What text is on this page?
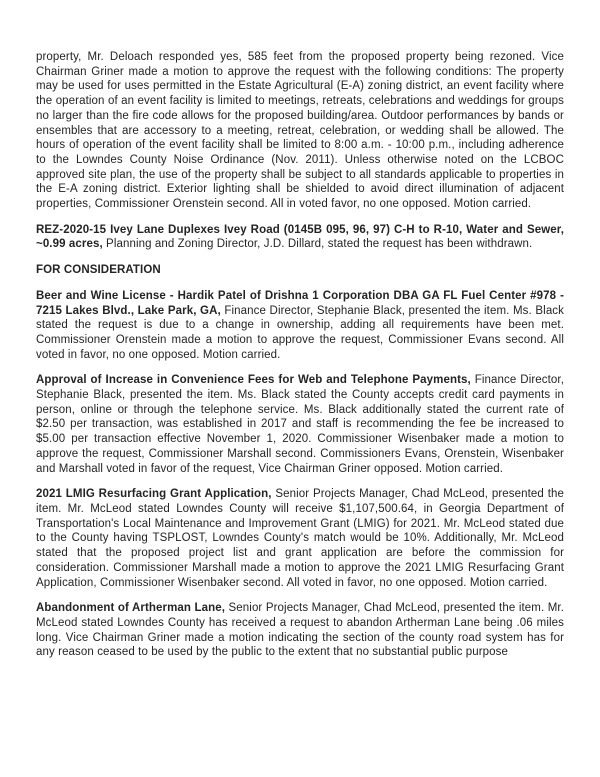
property, Mr. Deloach responded yes, 585 feet from the proposed property being rezoned. Vice Chairman Griner made a motion to approve the request with the following conditions: The property may be used for uses permitted in the Estate Agricultural (E-A) zoning district, an event facility where the operation of an event facility is limited to meetings, retreats, celebrations and weddings for groups no larger than the fire code allows for the proposed building/area. Outdoor performances by bands or ensembles that are accessory to a meeting, retreat, celebration, or wedding shall be allowed. The hours of operation of the event facility shall be limited to 8:00 a.m. - 10:00 p.m., including adherence to the Lowndes County Noise Ordinance (Nov. 2011). Unless otherwise noted on the LCBOC approved site plan, the use of the property shall be subject to all standards applicable to properties in the E-A zoning district. Exterior lighting shall be shielded to avoid direct illumination of adjacent properties, Commissioner Orenstein second. All in voted favor, no one opposed. Motion carried.

REZ-2020-15 Ivey Lane Duplexes Ivey Road (0145B 095, 96, 97) C-H to R-10, Water and Sewer, ~0.99 acres, Planning and Zoning Director, J.D. Dillard, stated the request has been withdrawn.

FOR CONSIDERATION

Beer and Wine License - Hardik Patel of Drishna 1 Corporation DBA GA FL Fuel Center #978 - 7215 Lakes Blvd., Lake Park, GA, Finance Director, Stephanie Black, presented the item. Ms. Black stated the request is due to a change in ownership, adding all requirements have been met. Commissioner Orenstein made a motion to approve the request, Commissioner Evans second. All voted in favor, no one opposed. Motion carried.

Approval of Increase in Convenience Fees for Web and Telephone Payments, Finance Director, Stephanie Black, presented the item. Ms. Black stated the County accepts credit card payments in person, online or through the telephone service. Ms. Black additionally stated the current rate of $2.50 per transaction, was established in 2017 and staff is recommending the fee be increased to $5.00 per transaction effective November 1, 2020. Commissioner Wisenbaker made a motion to approve the request, Commissioner Marshall second. Commissioners Evans, Orenstein, Wisenbaker and Marshall voted in favor of the request, Vice Chairman Griner opposed. Motion carried.

2021 LMIG Resurfacing Grant Application, Senior Projects Manager, Chad McLeod, presented the item. Mr. McLeod stated Lowndes County will receive $1,107,500.64, in Georgia Department of Transportation's Local Maintenance and Improvement Grant (LMIG) for 2021. Mr. McLeod stated due to the County having TSPLOST, Lowndes County's match would be 10%. Additionally, Mr. McLeod stated that the proposed project list and grant application are before the commission for consideration. Commissioner Marshall made a motion to approve the 2021 LMIG Resurfacing Grant Application, Commissioner Wisenbaker second. All voted in favor, no one opposed. Motion carried.

Abandonment of Artherman Lane, Senior Projects Manager, Chad McLeod, presented the item. Mr. McLeod stated Lowndes County has received a request to abandon Artherman Lane being .06 miles long. Vice Chairman Griner made a motion indicating the section of the county road system has for any reason ceased to be used by the public to the extent that no substantial public purpose
